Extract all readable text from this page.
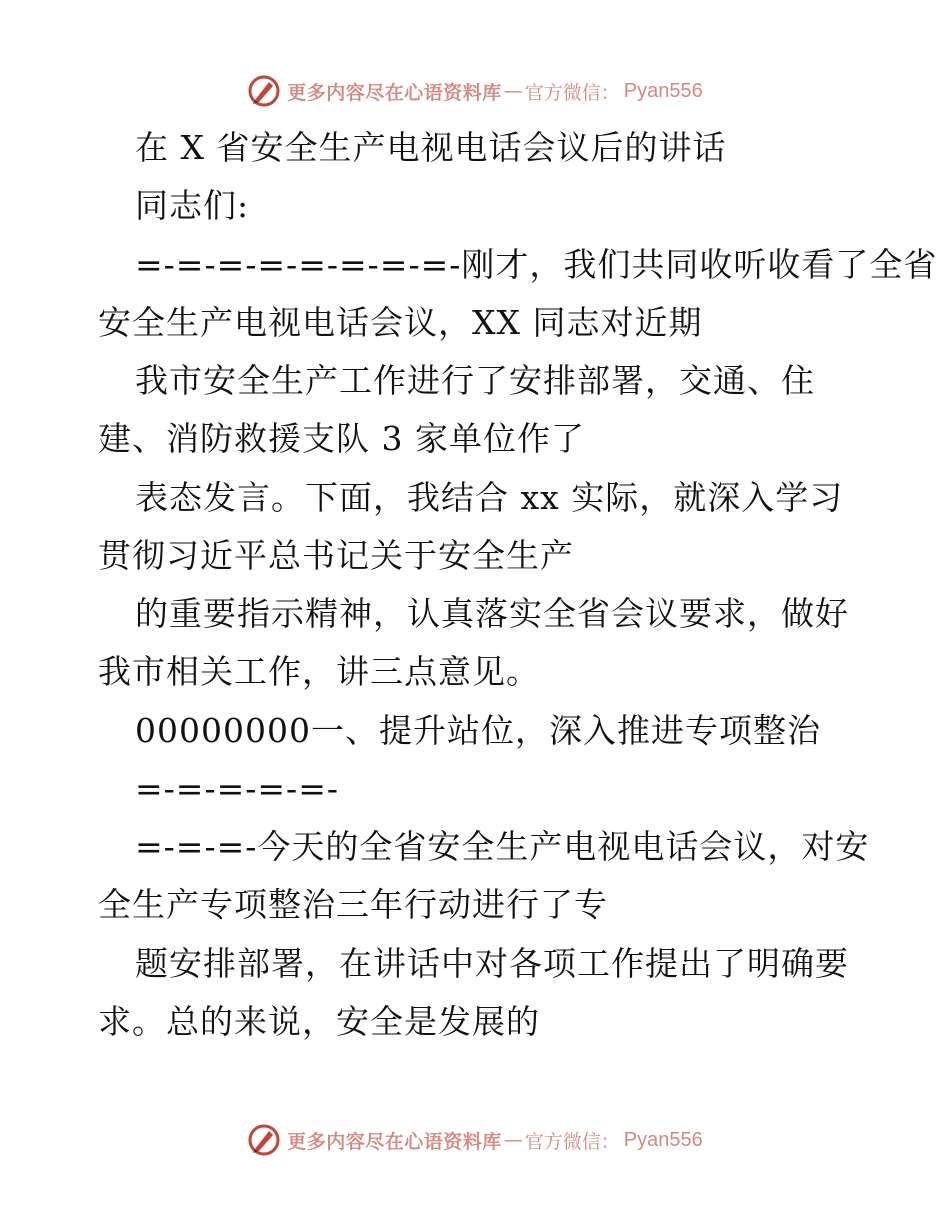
更多内容尽在心语资料库 — 官方微信： Pyan556
在 X 省安全生产电视电话会议后的讲话
同志们:
=-=-=-=-=-=-=-=-刚才，我们共同收听收看了全省
安全生产电视电话会议，XX 同志对近期
我市安全生产工作进行了安排部署，交通、住
建、消防救援支队 3 家单位作了
表态发言。下面，我结合 xx 实际，就深入学习
贯彻习近平总书记关于安全生产
的重要指示精神，认真落实全省会议要求，做好
我市相关工作，讲三点意见。
00000000一、提升站位，深入推进专项整治
=-=-=-=-=-
=-=-=-今天的全省安全生产电视电话会议，对安
全生产专项整治三年行动进行了专
题安排部署，在讲话中对各项工作提出了明确要
求。总的来说，安全是发展的
更多内容尽在心语资料库 — 官方微信： Pyan556
